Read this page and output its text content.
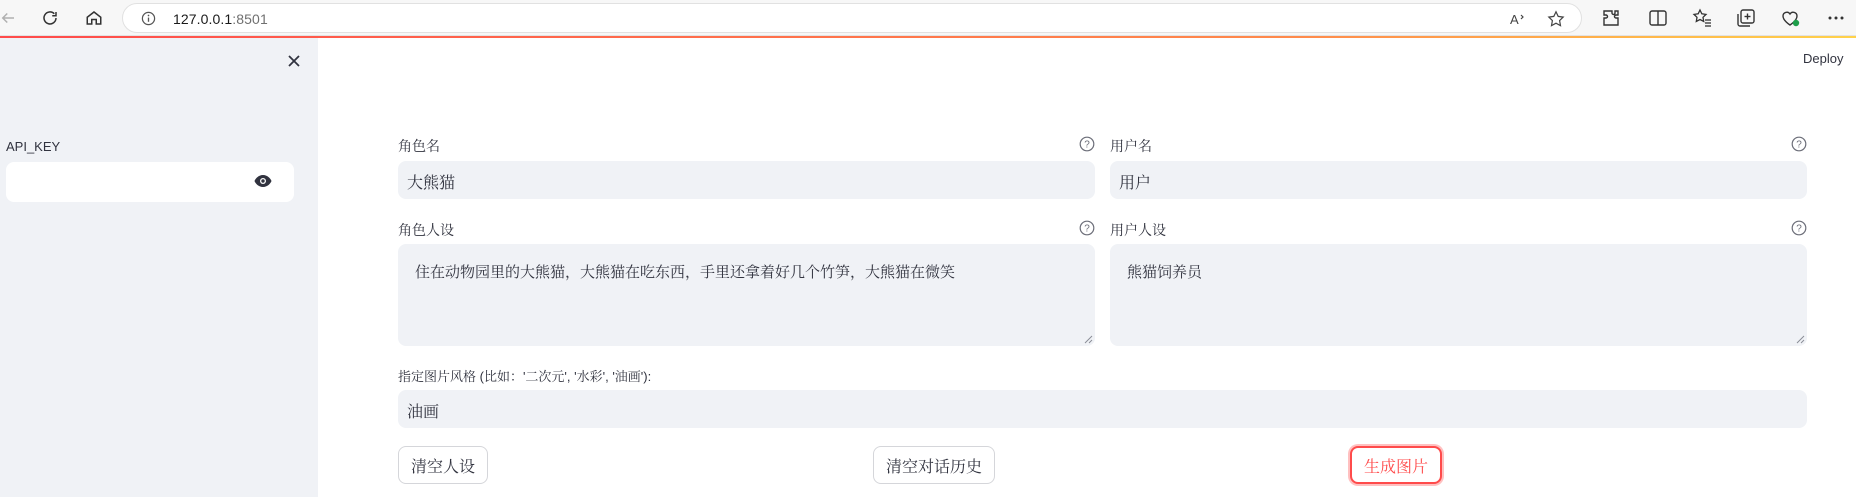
127.0.0.1:8501	A
API_KEY
Deploy
角色名	?
大熊猫
用户名	?
用户
角色人设	?
住在动物园里的大熊猫，大熊猫在吃东西，手里还拿着好几个竹笋，大熊猫在微笑
用户人设	?
熊猫饲养员
指定图片风格 (比如：'二次元', '水彩', '油画'):
油画
清空人设	清空对话历史	生成图片
